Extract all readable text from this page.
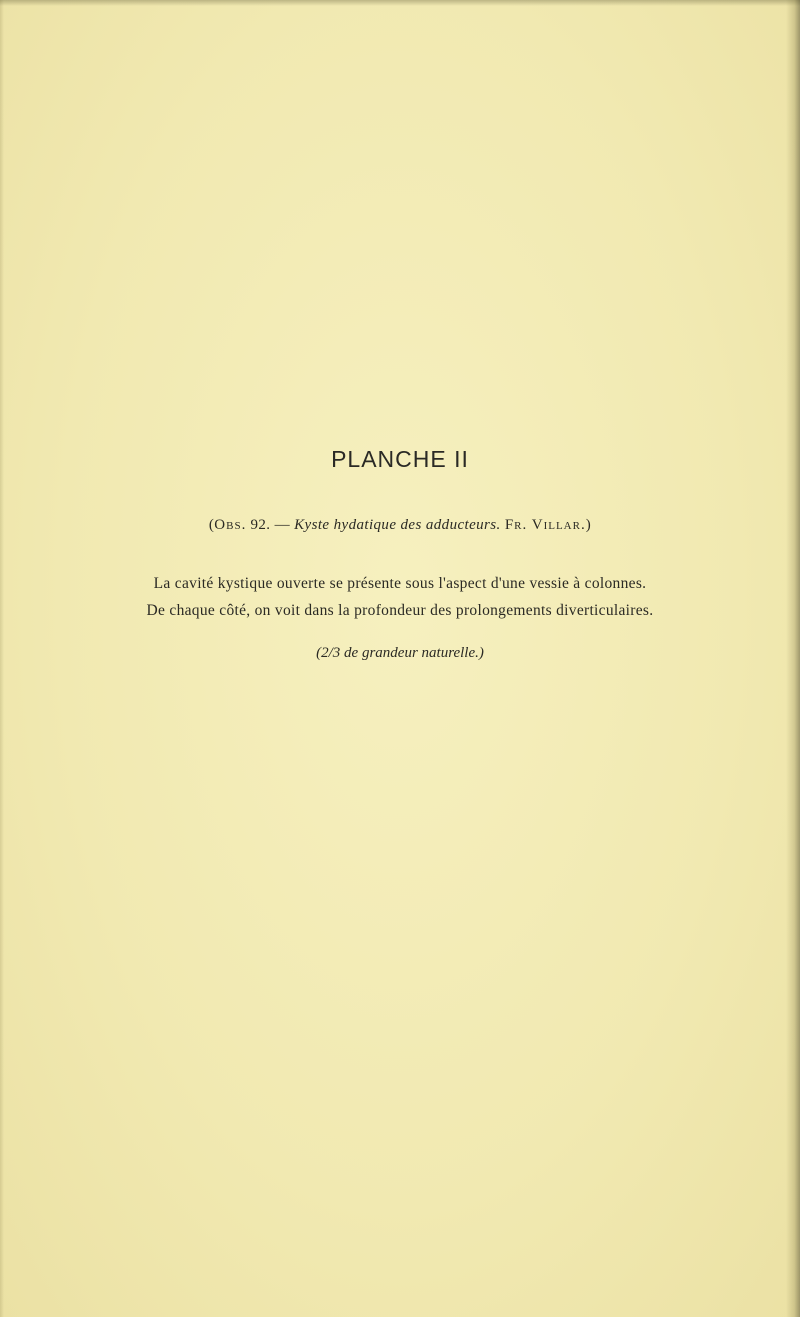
PLANCHE II
(Obs. 92. — Kyste hydatique des adducteurs. Fr. Villar.)
La cavité kystique ouverte se présente sous l'aspect d'une vessie à colonnes.
De chaque côté, on voit dans la profondeur des prolongements diverticulaires.
(2/3 de grandeur naturelle.)
